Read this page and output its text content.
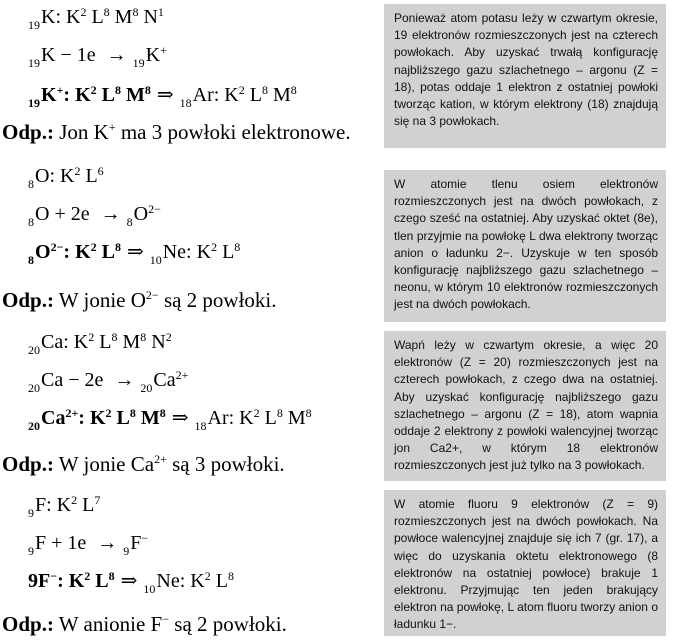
$_{19}$K: $K^2$ $L^8$ $M^8$ $N^1$
$_{19}$K − 1e → $_{19}$K+
$_{19}$K+: $K^2$ $L^8$ $M^8$ ⇒ $_{18}$Ar: $K^2$ $L^8$ $M^8$
Odp.: Jon K+ ma 3 powłoki elektronowe.
Ponieważ atom potasu leży w czwartym okresie, 19 elektronów rozmieszczonych jest na czterech powłokach. Aby uzyskać trwałą konfigurację najbliższego gazu szlachetnego – argonu (Z = 18), potas oddaje 1 elektron z ostatniej powłoki tworząc kation, w którym elektrony (18) znajdują się na 3 powłokach.
$_8$O: $K^2$ $L^6$
$_8O + 2e \to _8O^{2-}$
$_8O^{2-}$: $K^2$ $L^8$ ⇒ $_{10}$Ne: $K^2$ $L^8$
Odp.: W jonie $O^{2-}$ są 2 powłoki.
W atomie tlenu osiem elektronów rozmieszczonych jest na dwóch powłokach, z czego sześć na ostatniej. Aby uzyskać oktet (8e), tlen przyjmie na powłokę L dwa elektrony tworząc anion o ładunku 2−. Uzyskuje w ten sposób konfigurację najbliższego gazu szlachetnego – neonu, w którym 10 elektronów rozmieszczonych jest na dwóch powłokach.
$_{20}$Ca: $K^2$ $L^8$ $M^8$ $N^2$
$_{20}Ca - 2e \to _{20}Ca^{2+}$
$_{20}Ca^{2+}$: $K^2$ $L^8$ $M^8$ ⇒ $_{18}$Ar: $K^2$ $L^8$ $M^8$
Odp.: W jonie $Ca^{2+}$ są 3 powłoki.
Wapń leży w czwartym okresie, a więc 20 elektronów (Z = 20) rozmieszczonych jest na czterech powłokach, z czego dwa na ostatniej. Aby uzyskać konfigurację najbliższego gazu szlachetnego – argonu (Z = 18), atom wapnia oddaje 2 elektrony z powłoki walencyjnej tworząc jon Ca2+, w którym 18 elektronów rozmieszczonych jest już tylko na 3 powłokach.
$_9$F: $K^2$ $L^7$
$_9$F + 1e → $_9$F−
9F−: $K^2$ $L^8$ ⇒ $_{10}$Ne: $K^2$ $L^8$
Odp.: W anionie F− są 2 powłoki.
W atomie fluoru 9 elektronów (Z = 9) rozmieszczonych jest na dwóch powłokach. Na powłoce walencyjnej znajduje się ich 7 (gr. 17), a więc do uzyskania oktetu elektronowego (8 elektronów na ostatniej powłoce) brakuje 1 elektronu. Przyjmując ten jeden brakujący elektron na powłokę, L atom fluoru tworzy anion o ładunku 1−.
